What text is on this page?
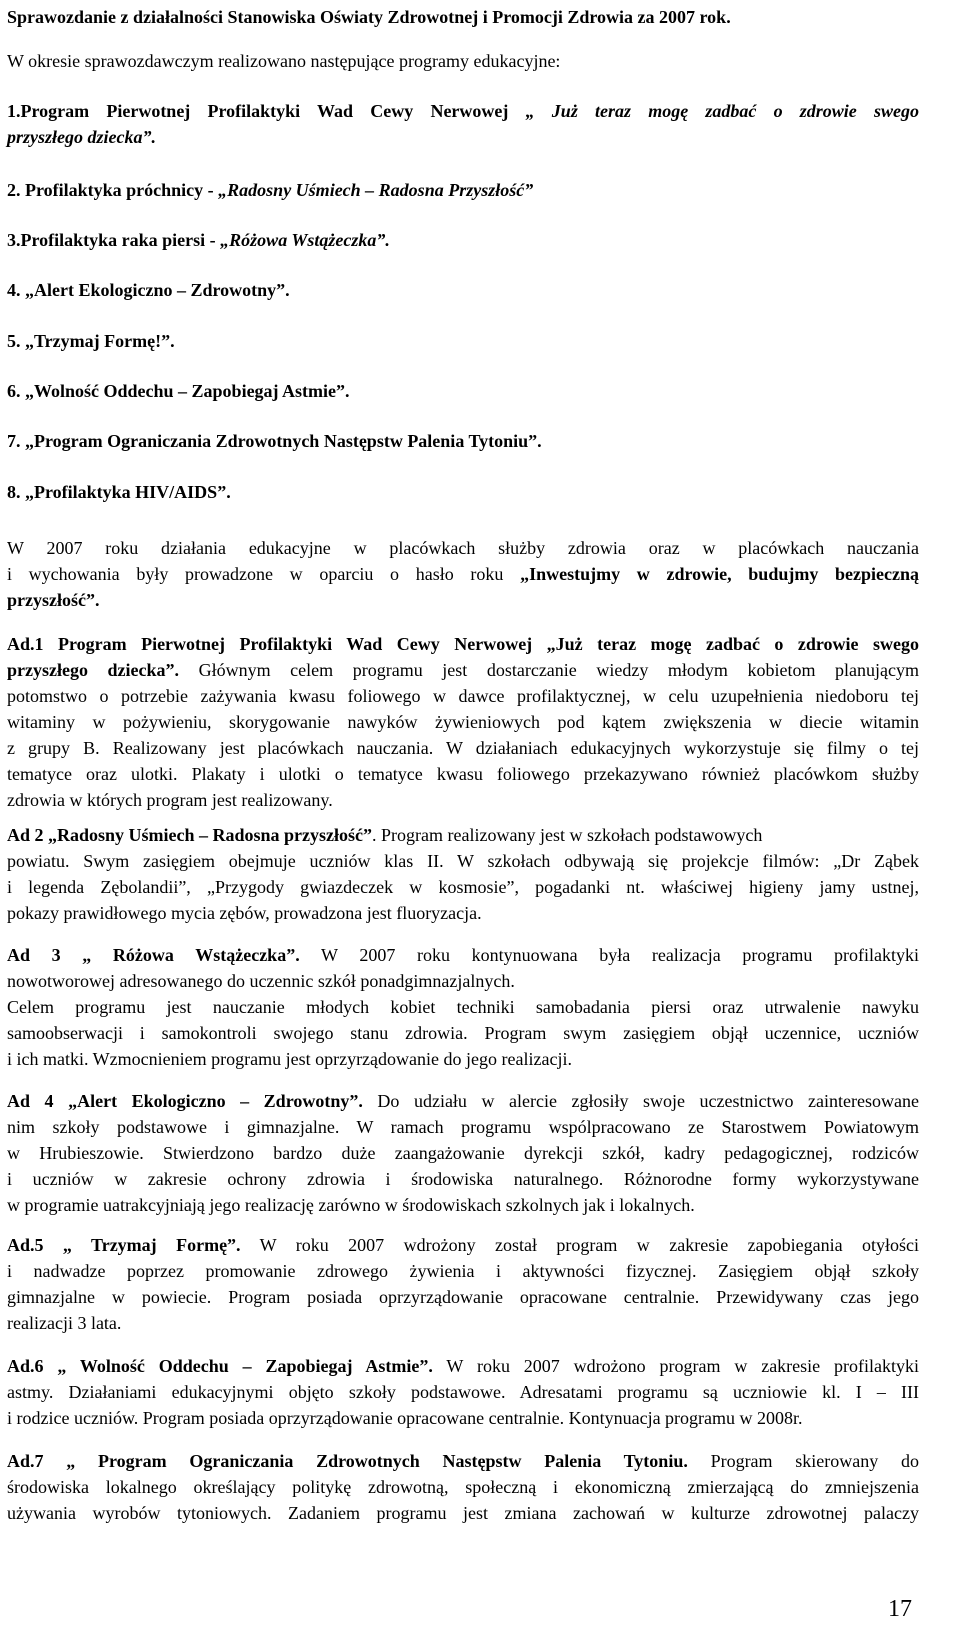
Sprawozdanie z działalności Stanowiska Oświaty Zdrowotnej i Promocji Zdrowia za 2007 rok.
W okresie sprawozdawczym realizowano następujące programy edukacyjne:
1.Program Pierwotnej Profilaktyki Wad Cewy Nerwowej „ Już teraz mogę zadbać o zdrowie swego
przyszłego dziecka”.
2. Profilaktyka próchnicy - „Radosny Uśmiech – Radosna Przyszłość”
3.Profilaktyka raka piersi - „Różowa Wstążeczka”.
4. „Alert Ekologiczno – Zdrowotny”.
5. „Trzymaj Formę!”.
6. „Wolność Oddechu – Zapobiegaj Astmie”.
7. „Program Ograniczania Zdrowotnych Następstw Palenia Tytoniu”.
8. „Profilaktyka HIV/AIDS”.
W 2007 roku działania edukacyjne w placówkach służby zdrowia oraz w placówkach nauczania
i wychowania były prowadzone w oparciu o hasło roku „Inwestujmy w zdrowie, budujmy bezpieczną
przyszłość”.
Ad.1 Program Pierwotnej Profilaktyki Wad Cewy Nerwowej „Już teraz mogę zadbać o zdrowie swego
przyszłego dziecka”. Głównym celem programu jest dostarczanie wiedzy młodym kobietom planującym
potomstwo o potrzebie zażywania kwasu foliowego w dawce profilaktycznej, w celu uzupełnienia niedoboru tej
witaminy w pożywieniu, skorygowanie nawyków żywieniowych pod kątem zwiększenia w diecie witamin
z grupy B. Realizowany jest placówkach nauczania. W działaniach edukacyjnych wykorzystuje się filmy o tej
tematyce oraz ulotki. Plakaty i ulotki o tematyce kwasu foliowego przekazywano również placówkom służby
zdrowia w których program jest realizowany.
Ad 2 „Radosny Uśmiech – Radosna przyszłość”. Program realizowany jest w szkołach podstawowych
powiatu. Swym zasięgiem obejmuje uczniów klas II. W szkołach odbywają się projekcje filmów: „Dr Ząbek
i legenda Zębolandii”, „Przygody gwiazdeczek w kosmosie”, pogadanki nt. właściwej higieny jamy ustnej,
pokazy prawidłowego mycia zębów, prowadzona jest fluoryzacja.
Ad 3 „ Różowa Wstążeczka”. W 2007 roku kontynuowana była realizacja programu profilaktyki
nowotworowej adresowanego do uczennic szkół ponadgimnazjalnych.
Celem programu jest nauczanie młodych kobiet techniki samobadania piersi oraz utrwalenie nawyku
samoobserwacji i samokontroli swojego stanu zdrowia. Program swym zasięgiem objął uczennice, uczniów
i ich matki. Wzmocnieniem programu jest oprzyrządowanie do jego realizacji.
Ad 4 „Alert Ekologiczno – Zdrowotny”. Do udziału w alercie zgłosiły swoje uczestnictwo zainteresowane
nim szkoły podstawowe i gimnazjalne. W ramach programu wspólpracowano ze Starostwem Powiatowym
w Hrubieszowie. Stwierdzono bardzo duże zaangażowanie dyrekcji szkół, kadry pedagogicznej, rodziców
i uczniów w zakresie ochrony zdrowia i środowiska naturalnego. Różnorodne formy wykorzystywane
w programie uatrakcyjniają jego realizację zarówno w środowiskach szkolnych jak i lokalnych.
Ad.5 „ Trzymaj Formę”. W roku 2007 wdrożony został program w zakresie zapobiegania otyłości
i nadwadze poprzez promowanie zdrowego żywienia i aktywności fizycznej. Zasięgiem objął szkoły
gimnazjalne w powiecie. Program posiada oprzyrządowanie opracowane centralnie. Przewidywany czas jego
realizacji 3 lata.
Ad.6 „ Wolność Oddechu – Zapobiegaj Astmie”. W roku 2007 wdrożono program w zakresie profilaktyki
astmy. Działaniami edukacyjnymi objęto szkoły podstawowe. Adresatami programu są uczniowie kl. I – III
i rodzice uczniów. Program posiada oprzyrządowanie opracowane centralnie. Kontynuacja programu w 2008r.
Ad.7 „ Program Ograniczania Zdrowotnych Następstw Palenia Tytoniu. Program skierowany do
środowiska lokalnego określający politykę zdrowotną, społeczną i ekonomiczną zmierzającą do zmniejszenia
używania wyrobów tytoniowych. Zadaniem programu jest zmiana zachowań w kulturze zdrowotnej palaczy
17
